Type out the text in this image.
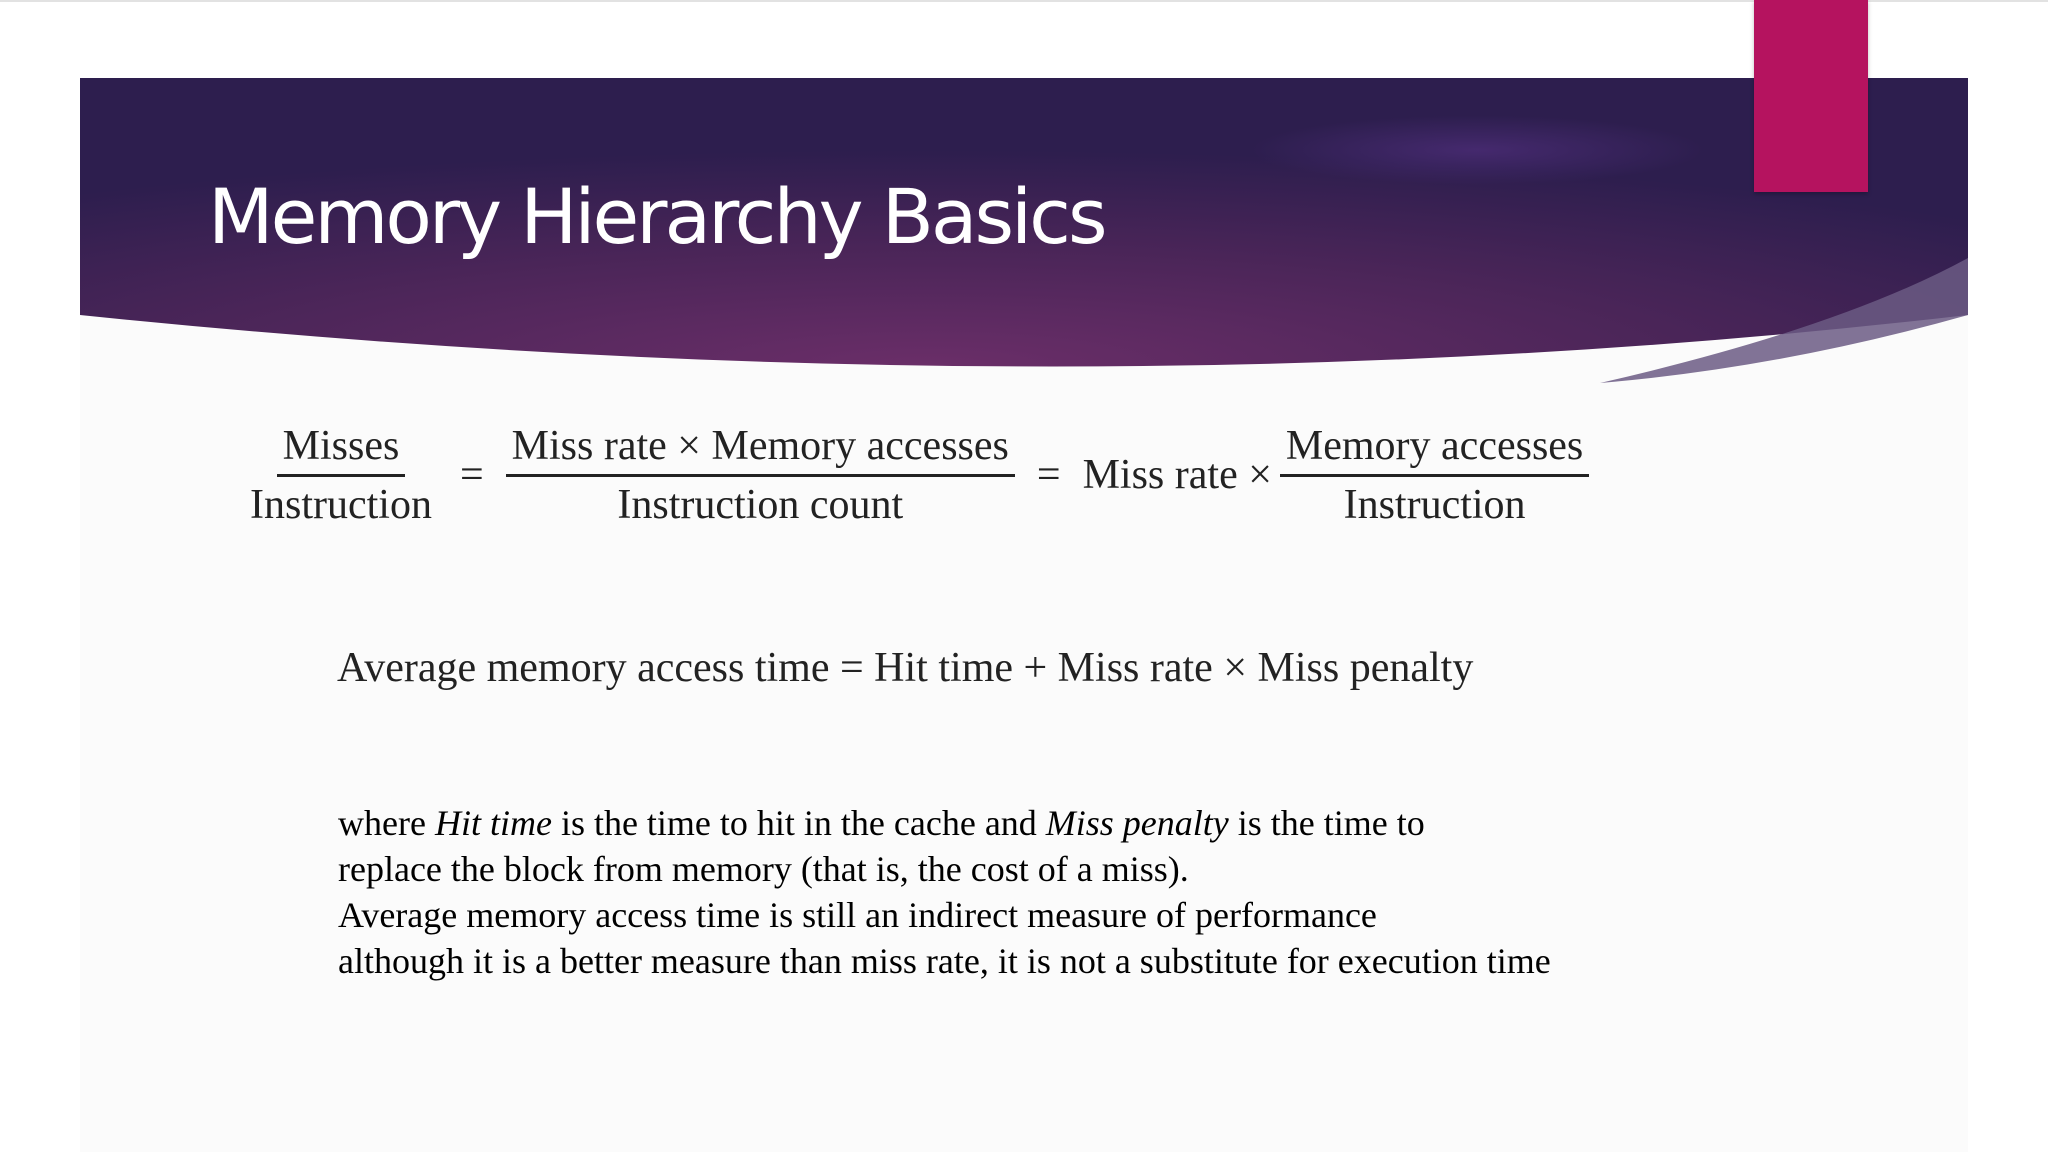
Memory Hierarchy Basics
$\frac{\text{Misses}}{\text{Instruction}} = \frac{\text{Miss rate × Memory accesses}}{\text{Instruction count}}$ = Miss rate × $\frac{\text{Memory accesses}}{\text{Instruction}}$
Average memory access time = Hit time + Miss rate × Miss penalty
where Hit time is the time to hit in the cache and Miss penalty is the time to
replace the block from memory (that is, the cost of a miss).
Average memory access time is still an indirect measure of performance
although it is a better measure than miss rate, it is not a substitute for execution time
